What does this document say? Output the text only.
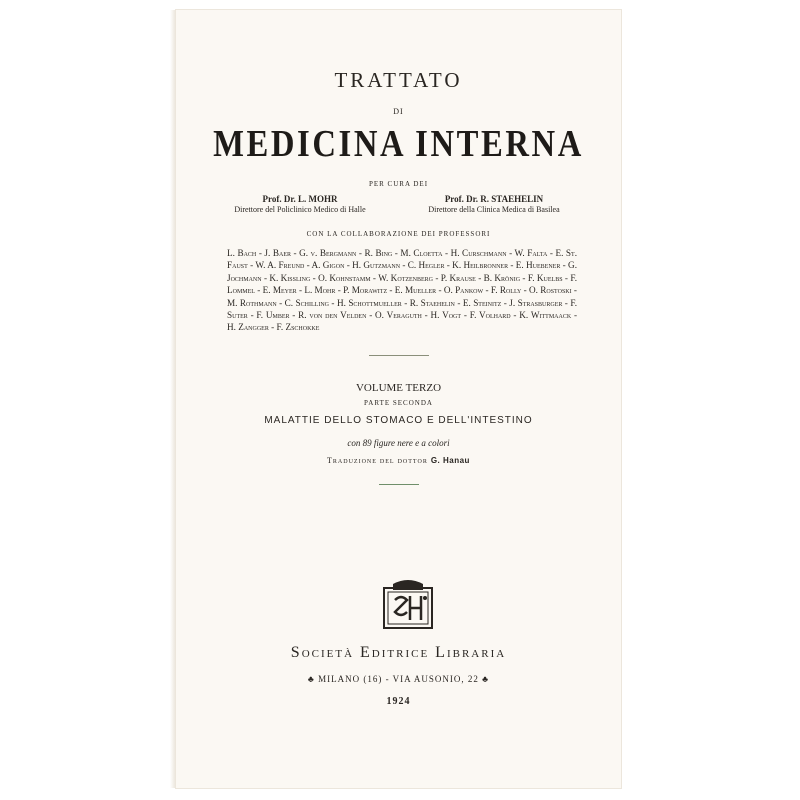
TRATTATO
DI
MEDICINA INTERNA
PER CURA DEI
Prof. Dr. L. MOHR
Direttore del Policlinico Medico di Halle
Prof. Dr. R. STAEHELIN
Direttore della Clinica Medica di Basilea
CON LA COLLABORAZIONE DEI PROFESSORI
L. Bach - J. Baer - G. v. Bergmann - R. Bing - M. Cloetta - H. Curschmann - W. Falta - E. St. Faust - W. A. Freund - A. Gigon - H. Gutzmann - C. Hegler - K. Heilbronner - E. Huebener - G. Jochmann - K. Kissling - O. Kohnstamm - W. Kotzenberg - P. Krause - B. Krönig - F. Kuelbs - F. Lommel - E. Meyer - L. Mohr - P. Morawitz - E. Mueller - O. Pankow - F. Rolly - O. Rostoski - M. Rothmann - C. Schilling - H. Schottmueller - R. Staehelin - E. Steinitz - J. Strasburger - F. Suter - F. Umber - R. von den Velden - O. Veraguth - H. Vogt - F. Volhard - K. Wittmaack - H. Zangger - F. Zschokke
VOLUME TERZO
PARTE SECONDA
MALATTIE DELLO STOMACO E DELL'INTESTINO
con 89 figure nere e a colori
Traduzione del dottor G. Hanau
Società Editrice Libraria
♣ MILANO (16) - VIA AUSONIO, 22 ♣
1924
